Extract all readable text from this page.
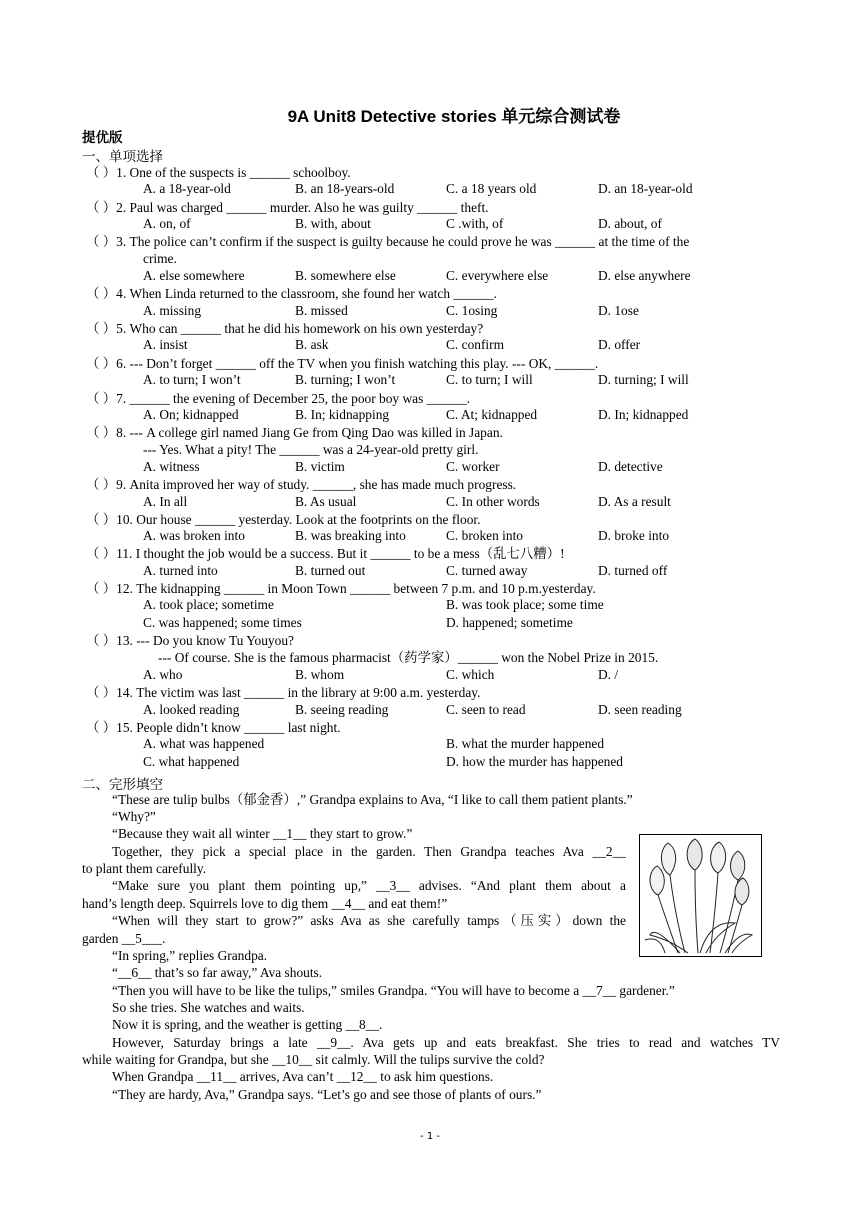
9A Unit8 Detective stories 单元综合测试卷
提优版
一、单项选择
（ ）1. One of the suspects is ______ schoolboy.
A. a 18-year-old	B. an 18-years-old	C. a 18 years old	D. an 18-year-old
（ ）2. Paul was charged ______ murder. Also he was guilty ______ theft.
A. on, of	B. with, about	C .with, of	D. about, of
（ ）3. The police can’t confirm if the suspect is guilty because he could prove he was ______ at the time of the
crime.
A. else somewhere	B. somewhere else	C. everywhere else	D. else anywhere
（ ）4. When Linda returned to the classroom, she found her watch ______.
A. missing	B. missed	C. 1osing	D. 1ose
（ ）5. Who can ______ that he did his homework on his own yesterday?
A. insist	B. ask	C. confirm	D. offer
（ ）6. --- Don’t forget ______ off the TV when you finish watching this play. --- OK, ______.
A. to turn; I won’t	B. turning; I won’t	C. to turn; I will	D. turning; I will
（ ）7. ______ the evening of December 25, the poor boy was ______.
A. On; kidnapped	B. In; kidnapping	C. At; kidnapped	D. In; kidnapped
（ ）8. --- A college girl named Jiang Ge from Qing Dao was killed in Japan.
--- Yes. What a pity! The ______ was a 24-year-old pretty girl.
A. witness	B. victim	C. worker	D. detective
（ ）9. Anita improved her way of study. ______, she has made much progress.
A. In all	B. As usual	C. In other words	D. As a result
（ ）10. Our house ______ yesterday. Look at the footprints on the floor.
A. was broken into	B. was breaking into	C. broken into	D. broke into
（ ）11. I thought the job would be a success. But it ______ to be a mess（乱七八糟）!
A. turned into	B. turned out	C. turned away	D. turned off
（ ）12. The kidnapping ______ in Moon Town ______ between 7 p.m. and 10 p.m.yesterday.
A. took place; sometime	B. was took place; some time
C. was happened; some times	D. happened; sometime
（ ）13. --- Do you know Tu Youyou?
--- Of course. She is the famous pharmacist（药学家）______ won the Nobel Prize in 2015.
A. who	B. whom	C. which	D. /
（ ）14. The victim was last ______ in the library at 9:00 a.m. yesterday.
A. looked reading	B. seeing reading	C. seen to read	D. seen reading
（ ）15. People didn’t know ______ last night.
A. what was happened	B. what the murder happened
C. what happened	D. how the murder has happened
二、完形填空
“These are tulip bulbs（郁金香）,” Grandpa explains to Ava, “I like to call them patient plants.”
“Why?”
“Because they wait all winter __1__ they start to grow.”
Together, they pick a special place in the garden. Then Grandpa teaches Ava __2__
to plant them carefully.
“Make sure you plant them pointing up,” __3__ advises. “And plant them about a
hand’s length deep. Squirrels love to dig them __4__ and eat them!”
“When will they start to grow?” asks Ava as she carefully tamps（压实）down the
garden __5___.
“In spring,” replies Grandpa.
“__6__ that’s so far away,” Ava shouts.
“Then you will have to be like the tulips,” smiles Grandpa. “You will have to become a __7__ gardener.”
So she tries. She watches and waits.
Now it is spring, and the weather is getting __8__.
However, Saturday brings a late __9__. Ava gets up and eats breakfast. She tries to read and watches TV
while waiting for Grandpa, but she __10__ sit calmly. Will the tulips survive the cold?
When Grandpa __11__ arrives, Ava can’t __12__ to ask him questions.
“They are hardy, Ava,” Grandpa says. “Let’s go and see those of plants of ours.”
- 1 -
